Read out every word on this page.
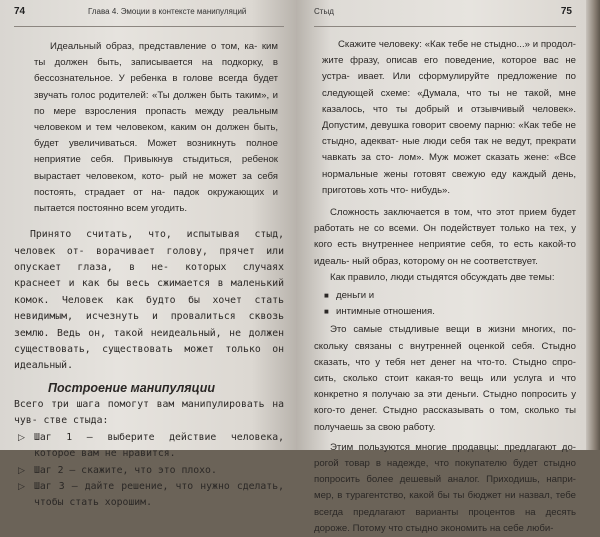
74	Глава 4. Эмоции в контексте манипуляций

Идеальный образ, представление о том, ка- ким ты должен быть, записывается на подкорку, в бессознательное. У ребенка в голове всегда будет звучать голос родителей: «Ты должен быть таким», и по мере взросления пропасть между реальным человеком и тем человеком, каким он должен быть, будет увеличиваться. Может возникнуть полное неприятие себя. Привыкнув стыдиться, ребенок вырастает человеком, кото- рый не может за себя постоять, страдает от на- падок окружающих и пытается постоянно всем угодить.

Принято считать, что, испытывая стыд, человек от- ворачивает голову, прячет или опускает глаза, в не- которых случаях краснеет и как бы весь сжимается в маленький комок. Человек как будто бы хочет стать невидимым, исчезнуть и провалиться сквозь землю. Ведь он, такой неидеальный, не должен существовать, существовать может только он идеальный.

Построение манипуляции

Всего три шага помогут вам манипулировать на чув- стве стыда:

▷ Шаг 1 — выберите действие человека, которое вам не нравится.
▷ Шаг 2 — скажите, что это плохо.
▷ Шаг 3 — дайте решение, что нужно сделать, чтобы стать хорошим.
Стыд	75

Скажите человеку: «Как тебе не стыдно...» и продол- жите фразу, описав его поведение, которое вас не устра- ивает. Или сформулируйте предложение по следующей схеме: «Думала, что ты не такой, мне казалось, что ты добрый и отзывчивый человек». Допустим, девушка говорит своему парню: «Как тебе не стыдно, адекват- ные люди себя так не ведут, прекрати чавкать за сто- лом». Муж может сказать жене: «Все нормальные жены готовят свежую еду каждый день, приготовь хоть что- нибудь».

Сложность заключается в том, что этот прием будет работать не со всеми. Он подействует только на тех, у кого есть внутреннее неприятие себя, то есть какой-то идеаль- ный образ, которому он не соответствует.

Как правило, люди стыдятся обсуждать две темы:

■ деньги и
■ интимные отношения.

Это самые стыдливые вещи в жизни многих, по- скольку связаны с внутренней оценкой себя. Стыдно сказать, что у тебя нет денег на что-то. Стыдно спро- сить, сколько стоит какая-то вещь или услуга и что конкретно я получаю за эти деньги. Стыдно попросить у кого-то денег. Стыдно рассказывать о том, сколько ты получаешь за свою работу.

Этим пользуются многие продавцы: предлагают до- рогой товар в надежде, что покупателю будет стыдно попросить более дешевый аналог. Приходишь, напри- мер, в турагентство, какой бы ты бюджет ни назвал, тебе всегда предлагают варианты процентов на десять дороже. Потому что стыдно экономить на себе люби-
